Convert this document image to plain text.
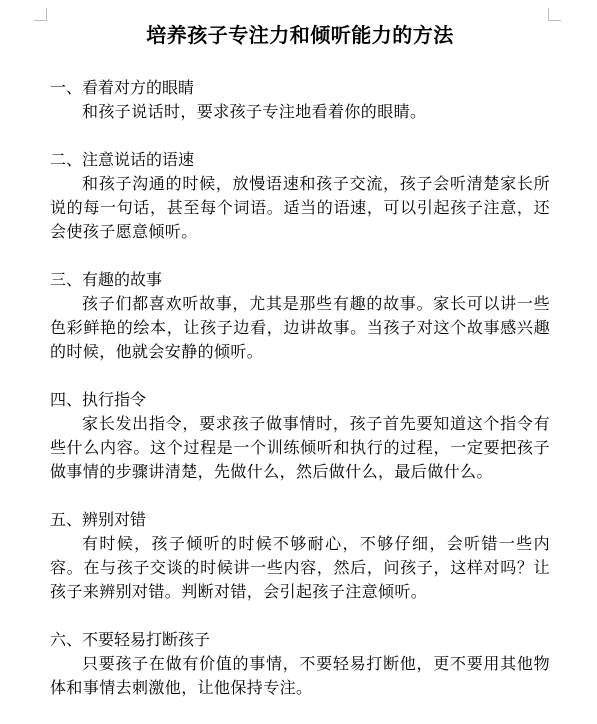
培养孩子专注力和倾听能力的方法

一、看着对方的眼睛

和孩子说话时，要求孩子专注地看着你的眼睛。

二、注意说话的语速

和孩子沟通的时候，放慢语速和孩子交流，孩子会听清楚家长所说的每一句话，甚至每个词语。适当的语速，可以引起孩子注意，还会使孩子愿意倾听。

三、有趣的故事

孩子们都喜欢听故事，尤其是那些有趣的故事。家长可以讲一些色彩鲜艳的绘本，让孩子边看，边讲故事。当孩子对这个故事感兴趣的时候，他就会安静的倾听。

四、执行指令

家长发出指令，要求孩子做事情时，孩子首先要知道这个指令有些什么内容。这个过程是一个训练倾听和执行的过程，一定要把孩子做事情的步骤讲清楚，先做什么，然后做什么，最后做什么。

五、辨别对错

有时候，孩子倾听的时候不够耐心，不够仔细，会听错一些内容。在与孩子交谈的时候讲一些内容，然后，问孩子，这样对吗？让孩子来辨别对错。判断对错，会引起孩子注意倾听。

六、不要轻易打断孩子

只要孩子在做有价值的事情，不要轻易打断他，更不要用其他物体和事情去刺激他，让他保持专注。
